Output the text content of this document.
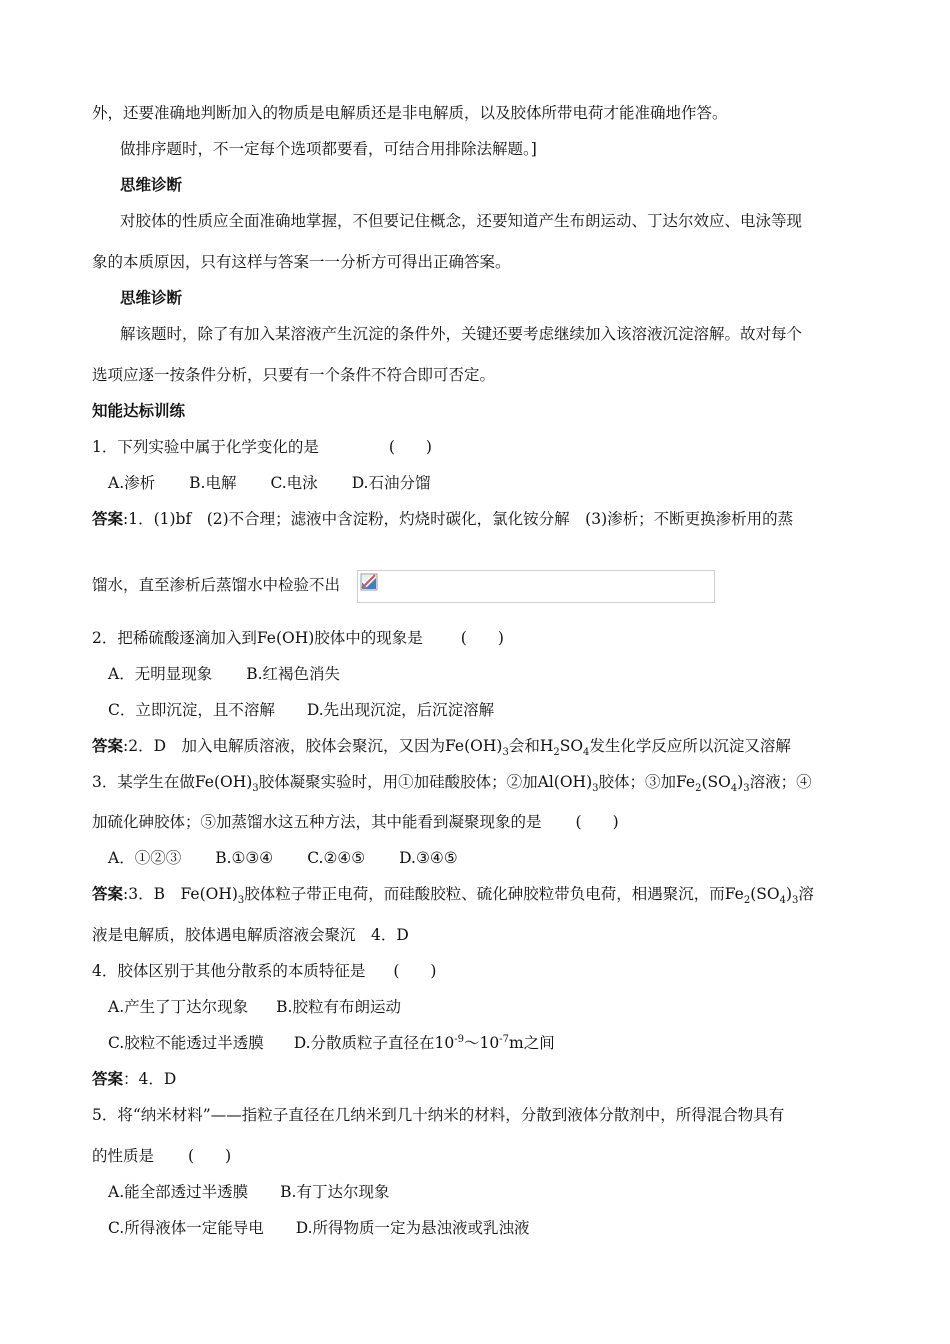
外，还要准确地判断加入的物质是电解质还是非电解质，以及胶体所带电荷才能准确地作答。
做排序题时，不一定每个选项都要看，可结合用排除法解题。]
思维诊断
对胶体的性质应全面准确地掌握，不但要记住概念，还要知道产生布朗运动、丁达尔效应、电泳等现
象的本质原因，只有这样与答案一一分析方可得出正确答案。
思维诊断
解该题时，除了有加入某溶液产生沉淀的条件外，关键还要考虑继续加入该溶液沉淀溶解。故对每个
选项应逐一按条件分析，只要有一个条件不符合即可否定。
知能达标训练
1．下列实验中属于化学变化的是	(　　)
A.渗析 B.电解 C.电泳 D.石油分馏
答案:1．(1)bf　(2)不合理；滤液中含淀粉，灼烧时碳化，氯化铵分解　(3)渗析；不断更换渗析用的蒸
馏水，直至渗析后蒸馏水中检验不出
2．把稀硫酸逐滴加入到Fe(OH)胶体中的现象是 (　　)
A．无明显现象 B.红褐色消失
C．立即沉淀，且不溶解 D.先出现沉淀，后沉淀溶解
答案:2．D　加入电解质溶液，胶体会聚沉，又因为$Fe(OH)_3$会和$H_2SO_4$发生化学反应所以沉淀又溶解
3．某学生在做$Fe(OH)_3$胶体凝聚实验时，用①加硅酸胶体；②加$Al(OH)_3$胶体；③加$Fe_2(SO_4)_3$溶液；④
加硫化砷胶体；⑤加蒸馏水这五种方法，其中能看到凝聚现象的是 (　　)
A．①②③ B.①③④ C.②④⑤ D.③④⑤
答案:3．B　$Fe(OH)_3$胶体粒子带正电荷，而硅酸胶粒、硫化砷胶粒带负电荷，相遇聚沉，而$Fe_2(SO_4)_3$溶
液是电解质，胶体遇电解质溶液会聚沉　4．D
4．胶体区别于其他分散系的本质特征是 (　　)
A.产生了丁达尔现象 B.胶粒有布朗运动
C.胶粒不能透过半透膜 D.分散质粒子直径在$10^{-9}\sim 10^{-7}m$之间
答案：4．D
5．将“纳米材料”——指粒子直径在几纳米到几十纳米的材料，分散到液体分散剂中，所得混合物具有
的性质是 (　　)
A.能全部透过半透膜 B.有丁达尔现象
C.所得液体一定能导电 D.所得物质一定为悬浊液或乳浊液
